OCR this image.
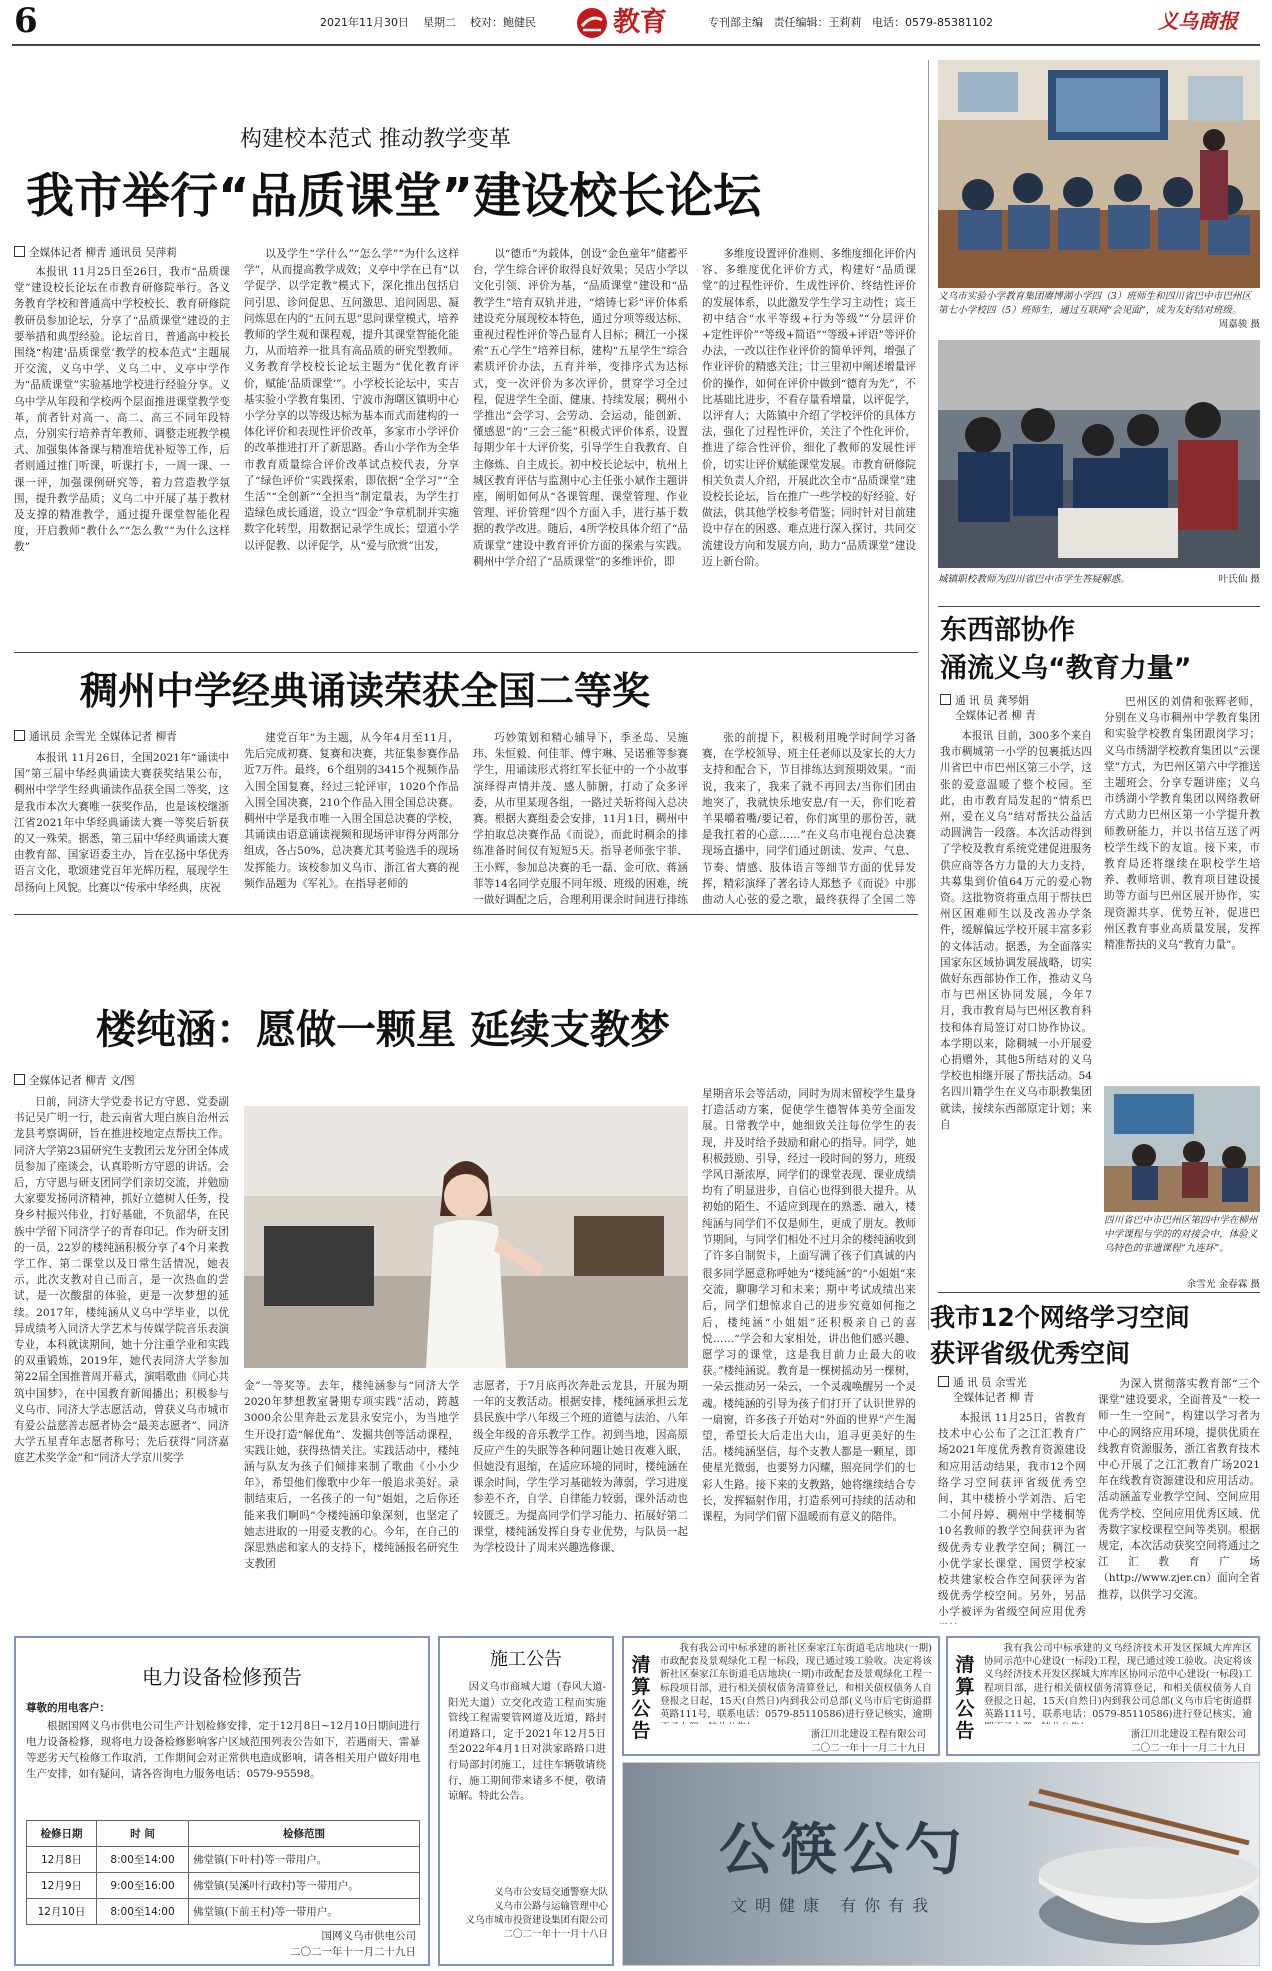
6	2021年11月30日 星期二 校对：鲍健民	教育	专刊部主编 责任编辑：王莉莉 电话：0579-85381102	义乌商报
构建校本范式 推动教学变革
我市举行“品质课堂”建设校长论坛
全媒体记者 柳青 通讯员 吴萍莉

本报讯 11月25日至26日，我市“品质课堂”建设校长论坛在市教育研修院举行。各义务教育学校和普通高中学校校长、教育研修院教研员参加论坛，分享了“品质课堂”建设的主要举措和典型经验。论坛首日，普通高中校长围绕“构建‘品质课堂’教学的校本范式”主题展开交流，义乌中学、义乌二中、义亭中学作为“品质课堂”实验基地学校进行经验分享。义乌中学从年段和学校两个层面推进课堂教学变革，前者针对高一、高二、高三不同年段特点，分别实行培养青年教师、调整走班教学模式、加强集体备课与精准培优补短等工作，后者则通过推门听课，听课打卡，一周一课、一课一评，加强课例研究等，着力营造教学氛围，提升教学品质；义乌二中开展了基于教材及支撑的精准教学，通过提升课堂智能化程度，开启教师“教什么”“怎么教”“为什么这样教”

以及学生“学什么”“怎么学”“为什么这样学”，从而提高教学成效；义亭中学在已有“以学促学、以学定教”模式下，深化推出包括启问引思、诊问促思、互问激思、追问固思、凝问炼思在内的“五问五思”思问课堂模式，培养教师的学生观和课程观，提升其课堂智能化能力，从而培养一批具有高品质的研究型教师。义务教育学校校长论坛主题为“优化教育评价，赋能‘品质课堂’”。小学校长论坛中，实吉基实验小学教育集团、宁波市海曙区镇明中心小学分享的以等级达标为基本而式而建构的一体化评价和表现性评价改革，多家市小学评价的改革推进打开了新思路。香山小学作为全华市教育质量综合评价改革试点校代表，分享了“绿色评价”实践探索，即依据“全学习”“全生活”“全创新”“全担当”制定量表，为学生打造绿色成长通道，设立“四金”争章机制并实施数字化转型，用数据记录学生成长；望道小学以评促教、以评促学，从“爱与欣赏”出发，

以“德币”为载体，创设“金色童年”储蓄平台，学生综合评价取得良好效果；吴店小学以文化引领、评价为基，“品质课堂”建设和“品教学生”培育双轨并进，“熔铸七彩”评价体系建设充分展现校本特色，通过分项等级达标、重视过程性评价等凸显育人目标；稠江一小探索“五心学生”培养目标，建构“五星学生”综合素质评价办法，五育并举，变排序式为达标式，变一次评价为多次评价，贯穿学习全过程，促进学生全面、健康、持续发展；稠州小学推出“会学习、会劳动、会运动，能创新、懂感恩”的“三会三能”积极式评价体系，设置每期少年十大评价奖，引导学生自我教育、自主修炼、自主成长。初中校长论坛中，杭州上城区教育评估与监测中心主任张小斌作主题讲座，阐明如何从“各课管理、课堂管理、作业管理、评价管理”四个方面入手，进行基于数据的教学改进。随后，4所学校具体介绍了“品质课堂”建设中教育评价方面的探索与实践。稠州中学介绍了“品质课堂”的多维评价，即

多维度设置评价准则、多维度细化评价内容、多维度优化评价方式，构建好“品质课堂”的过程性评价、生成性评价、终结性评价的发展体系，以此激发学生学习主动性；宾王初中结合“水平等级+行为等级”“分层评价+定性评价”“等级+简语”“等级+评语”等评价办法，一改以往作业评价的简单评判，增强了作业评价的精感关注；廿三里初中阐述增量评价的操作，如何在评价中做到“德育为先”，不比基础比进步，不看存量看增量，以评促学，以评育人；大陈镇中介绍了学校评价的具体方法，强化了过程性评价，关注了个性化评价，推进了综合性评价，细化了教师的发展性评价，切实让评价赋能课堂发展。市教育研修院相关负责人介绍，开展此次全市“品质课堂”建设校长论坛，旨在推广一些学校的好经验、好做法，供其他学校参考借鉴；同时针对目前建设中存在的困惑、难点进行深入探讨，共同交流建设方向和发展方向，助力“品质课堂”建设迈上新台阶。

义乌市实验小学教育集团赓博湖小学四（3）班师生和四川省巴中市巴州区第七小学校四（5）班师生，通过互联网“会见面”，成为友好结对班级。
周嘉骏 摄
城镇职校教师为四川省巴中市学生答疑解惑。	叶氏仙 摄
东西部协作
涌流义乌“教育力量”
通 讯 员 龚琴娟
全媒体记者 柳 青

本报讯 目前，300多个来自我市稠城第一小学的包裹抵达四川省巴中市巴州区第三小学，这张的爱意温暖了整个校园。至此，由市教育局发起的“情系巴州，爱在义乌”结对帮扶公益活动圆满告一段落。本次活动得到了学校及教育系统党建促进服务供应商等各方力量的大力支持，共募集到价值64万元的爱心物资。这批物资将重点用于帮扶巴州区困难师生以及改善办学条件，缓解偏远学校开展丰富多彩的文体活动。据悉，为全面落实国家东区域协调发展战略，切实做好东西部协作工作，推动义乌市与巴州区协同发展，今年7月，我市教育局与巴州区教育科技和体育局签订对口协作协议。本学期以来，除稠城一小开展爱心捐赠外，其他5所结对的义乌学校也相继开展了帮扶活动。54名四川籍学生在义乌市职教集团就读，接续东西部原定计划；来自

巴州区的刘倩和张辉老师，分别在义乌市稠州中学教育集团和实验学校教育集团跟岗学习；义乌市绣湖学校教育集团以“云课堂”方式，为巴州区第六中学推送主题班会、分享专题讲座；义乌市绣湖小学教育集团以网络教研方式助力巴州区第一小学提升教师教研能力，并以书信互送了两校学生线下的友谊。接下来，市教育局还将继续在职校学生培养、教师培训、教育项目建设援助等方面与巴州区展开协作，实现资源共享、优势互补，促进巴州区教育事业高质量发展，发挥精准帮扶的义乌“教育力量”。

四川省巴中市巴州区第四中学在柳州中学课程与学的的对接会中，体验义乌特色的非遗课程“九连环”。
余雪光 金春霖 摄
稠州中学经典诵读荣获全国二等奖
通讯员 余雪光 全媒体记者 柳青

本报讯 11月26日，全国2021年“诵读中国”第三届中华经典诵读大赛获奖结果公布，稠州中学学生经典诵读作品获全国二等奖，这是我市本次大赛唯一获奖作品，也是该校继浙江省2021年中华经典诵读大赛一等奖后斩获的又一殊荣。据悉，第三届中华经典诵读大赛由教育部、国家语委主办，旨在弘扬中华优秀语言文化，歌颂建党百年光辉历程，展现学生昂扬向上风貌。比赛以“传承中华经典，庆祝

建党百年”为主题，从今年4月至11月，先后完成初赛、复赛和决赛，共征集参赛作品近7万件。最终，6个组别的3415个视频作品入围全国复赛，经过三轮评审，1020个作品入围全国决赛，210个作品入围全国总决赛。稠州中学是我市唯一入围全国总决赛的学校，其诵读由语意诵读视频和现场评审得分两部分组成，各占50%，总决赛尤其考验选手的现场发挥能力。该校参加义乌市、浙江省大赛的视频作品题为《军礼》。在指导老师的

巧妙策划和精心辅导下，季圣岛、吴施玮、朱恒毅、何佳菲、傅宇琳、吴诺雅等参赛学生，用诵读形式将红军长征中的一个小故事演绎得声情并茂、感人肺腑，打动了众多评委，从市里某现各组，一路过关斩将闯入总决赛。根据大赛组委会安排，11月1日，稠州中学拍取总决赛作品《而说》，而此时稠余的排练准备时间仅有短短5天。指导老师张宇菲、王小辉，参加总决赛的毛一磊、金可欣、蒋涵菲等14名同学克服不同年级、班级的困难，统一做好调配之后，合理利用课余时间进行排练

张的前提下，积极利用晚学时间学习备赛，在学校领导、班主任老师以及家长的大力支持和配合下，节目排练达到预期效果。“而说，我来了，我来了就不再回去/当你们团由地突了，我就快乐地安息/有一天，你们吃着羊果嚼着嘴/要记着，你们寓里的那份苦，就是我扛着的心意……”在义乌市电视台总决赛现场直播中，同学们通过朗读、发声、气息、节奏、情感、肢体语言等细节方面的优异发挥，精彩演绎了著名诗人郑愁予《而说》中那曲动人心弦的爱之歌，最终获得了全国二等

楼纯涵：愿做一颗星 延续支教梦
全媒体记者 柳青 文/图

日前，同济大学党委书记方守恩、党委副书记吴广明一行，赴云南省大理白族自治州云龙县考察调研，旨在推进校地定点帮扶工作。同济大学第23届研究生支教团云龙分团全体成员参加了座谈会，认真聆听方守恩的讲话。会后，方守恩与研支团同学们亲切交流，并勉励大家要发扬同济精神，抓好立德树人任务，投身乡村振兴伟业，打好基础，不负韶华，在民族中学留下同济学子的青春印记。作为研支团的一员，22岁的楼纯涵积极分享了4个月来教学工作、第二课堂以及日常生活情况，她表示，此次支教对自己而言，是一次热血的尝试，是一次酸甜的体验，更是一次梦想的延续。2017年，楼纯涵从义乌中学毕业，以优异成绩考入同济大学艺术与传媒学院音乐表演专业，本科就读期间，她十分注重学业和实践的双重锻炼，2019年，她代表同济大学参加第22届全国推普周开幕式，演唱歌曲《同心共筑中国梦》，在中国教育新闻播出；积极参与义乌市、同济大学志愿活动，曾获义乌市城市有爱公益慈善志愿者协会“最美志愿者”、同济大学五星青年志愿者称号；先后获得“同济嘉庭艺术奖学金”和“同济大学京川奖学

金”一等奖等。去年，楼纯涵参与“同济大学2020年梦想教室暑期专项实践”活动，跨越3000余公里奔赴云龙县永安完小，为当地学生开设打造“解优角”、发掘共创等活动课程，实践让她，获得热情关注。实践活动中，楼纯涵与队友为孩子们倾排来制了歌曲《小小少年》，希望他们像歌中少年一般追求美好。录制结束后，一名孩子的一句“姐姐，之后你还能来我们啊吗”令楼纯涵印象深刻，也坚定了她志进取的一用爱支教的心。今年，在自己的深思熟虑和家人的支持下，楼纯涵报名研究生支教团

志愿者，于7月底再次奔赴云龙县，开展为期一年的支教活动。根据安排，楼纯涵承担云龙县民族中学八年级三个班的道德与法治、八年级全年级的音乐教学工作。初到当地，因高原反应产生的失眠等各种问题让她日夜难入眠，但她没有退缩，在适应环境的同时，楼纯涵在课余时间，学生学习基础较为薄弱，学习进度参差不齐，自学、自律能力较弱，课外活动也较匮乏。为提高同学们学习能力、拓展好第二课堂，楼纯涵发挥自身专业优势，与队员一起为学校设计了周末兴趣选修课、

星期音乐会等活动，同时为周末留校学生量身打造活动方案，促使学生德智体美劳全面发展。日常教学中，她细致关注每位学生的表现，并及时给予鼓励和耐心的指导。同学，她积极鼓励、引导，经过一段时间的努力，班级学风日渐浓厚，同学们的课堂表现、课业成绩均有了明显进步，自信心也得到很大提升。从初始的陌生、不适应到现在的熟悉、融入，楼纯涵与同学们不仅是师生，更成了朋友。教师节期间，与同学们相处不过月余的楼纯涵收到了许多自制贺卡，上面写满了孩子们真诚的内

很多同学愿意称呼她为“楼纯涵”的“小姐姐”来交流，聊聊学习和未来；期中考试成绩出来后，同学们想惊求自己的进步究竟如何拖之后，楼纯涵“小姐姐”还积极亲自己的喜悦……“学会和大家相处，讲出他们感兴趣、愿学习的课堂，这是我目前力止最大的收获。”楼纯涵说。教育是一棵树摇动另一棵树，一朵云推动另一朵云，一个灵魂唤醒另一个灵魂。楼纯涵的引导为孩子们打开了认识世界的一扇窗，许多孩子开始对“外面的世界”产生渴望，希望长大后走出大山，追寻更美好的生活。楼纯涵坚信，每个支教人都是一颗星，即使星光微弱，也要努力闪耀，照亮同学们的七彩人生路。接下来的支教路，她将继续结合专长，发挥辐射作用，打造系列可持续的活动和课程，为同学们留下温暖而有意义的陪伴。

我市12个网络学习空间
获评省级优秀空间
通 讯 员 余雪光
全媒体记者 柳 青

本报讯 11月25日，省教育技术中心公布了之江汇教育广场2021年度优秀教育资源建设和应用活动结果，我市12个网络学习空间获评省级优秀空间，其中楼桥小学刘浩、后宅二小何丹婷、稠州中学楼桐等10名教师的教学空间获评为省级优秀专业教学空间；稠江一小优学家长课堂、国贸学校家校共建家校合作空间获评为省级优秀学校空间。另外，另品小学被评为省级空间应用优秀

为深入贯彻落实教育部“三个课堂”建设要求，全面普及“一校一师一生一空间”，构建以学习者为中心的网络应用环境，提供优质在线教育资源服务，浙江省教育技术中心开展了之江汇教育广场2021年在线教育资源建设和应用活动。活动涵盖专业教学空间、空间应用优秀学校、空间应用优秀区域、优秀数字家校课程空间等类别。根据规定，本次活动获奖空间将通过之江汇教育广场（http://www.zjer.cn）面向全省推荐，以供学习交流。

电力设备检修预告
尊敬的用电客户：

根据国网义乌市供电公司生产计划检修安排，定于12月8日~12月10日期间进行电力设备检修，现将电力设备检修影响客户区域范围列表公告如下，若遇雨天、雷暴等恶劣天气检修工作取消，工作期间会对正常供电造成影响，请各相关用户做好用电生产安排，如有疑问，请各咨询电力服务电话：0579-95598。

检修日期	时 间	检修范围
12月8日	8:00至14:00	佛堂镇(下叶村)等一带用户。
12月9日	9:00至16:00	佛堂镇(吴溪叶行政村)等一带用户。
12月10日	8:00至14:00	佛堂镇(下前王村)等一带用户。
国网义乌市供电公司
二〇二一年十一月二十九日
施工公告

因义乌市商城大道（春风大道-阳光大道）立交化改造工程而实施管线工程需要管网道及近道，路封闭道路口，定于2021年12月5日至2022年4月1日对洪家路路口进行局部封闭施工，过往车辆敬请绕行，施工期间带来诸多不便，敬请谅解。特此公告。

义乌市公安局交通警察大队
义乌市公路与运输管理中心
义乌市城市投资建设集团有限公司
二〇二一年十一月十八日
清算公告

我有我公司中标承建的新社区秦家江东街道毛店地块(一期)市政配套及景观绿化工程一标段，现已通过竣工验收。决定将该新社区秦家江东街道毛店地块(一期)市政配套及景观绿化工程一标段项目部，进行相关债权债务清算登记，和相关债权债务人自登报之日起，15天(自然日)内到我公司总部(义乌市后宅街道群英路111号，联系电话：0579-85110586)进行登记核实，逾期

浙江川北建设工程有限公司
二〇二一年十一月二十九日
清算公告

我有我公司中标承建的义乌经济技术开发区探城大库库区协同示范中心建设(一标段)工程，现已通过竣工验收。决定将该义乌经济技术开发区探城大库库区协同示范中心建设(一标段)工程项目部，进行相关债权债务清算登记，和相关债权债务人自登报之日起，15天(自然日)内到我公司总部(义乌市后宅街道群英路111号，联系电话：0579-85110586)进行登记核实，逾

浙江川北建设工程有限公司
二〇二一年十一月二十九日
公筷公勺
文明健康 有你有我
